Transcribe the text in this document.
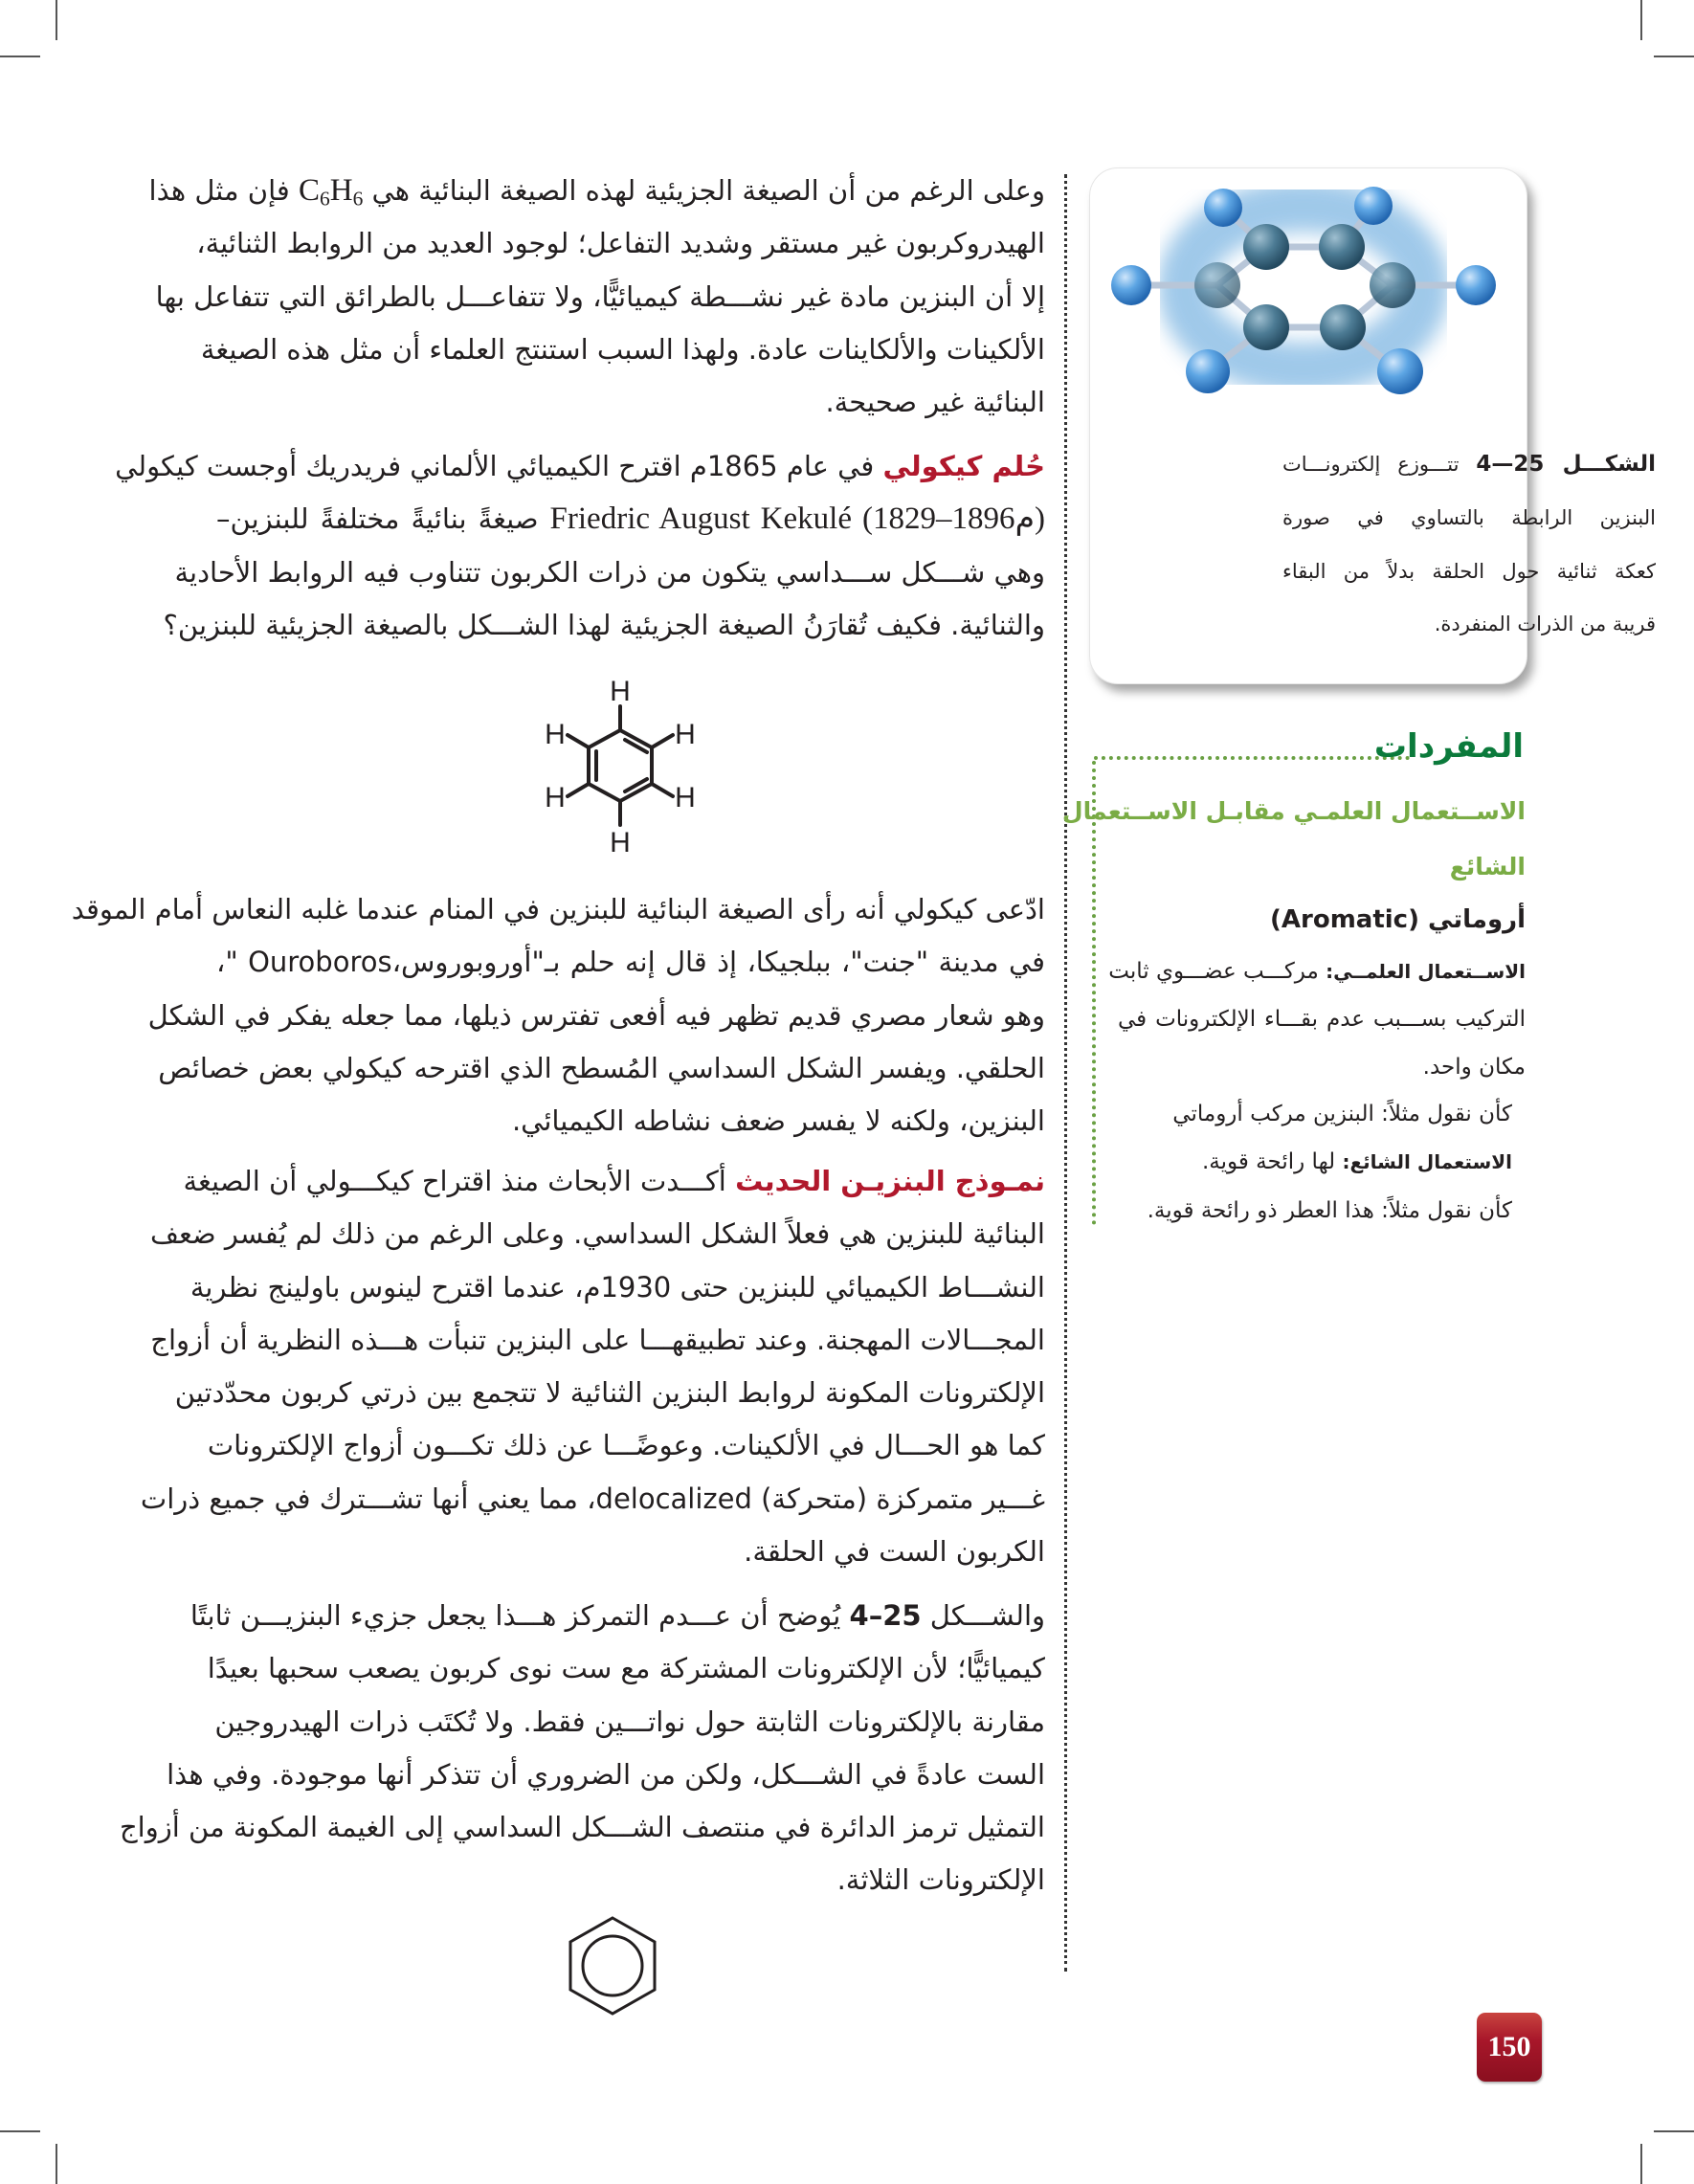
وعلى الرغم من أن الصيغة الجزيئية لهذه الصيغة البنائية هي $C_6H_6$ فإن مثل هذا
الهيدروكربون غير مستقر وشديد التفاعل؛ لوجود العديد من الروابط الثنائية،
إلا أن البنزين مادة غير نشـــطة كيميائيًّا، ولا تتفاعـــل بالطرائق التي تتفاعل بها
الألكينات والألكاينات عادة. ولهذا السبب استنتج العلماء أن مثل هذه الصيغة
البنائية غير صحيحة.
حُلم كيكولي في عام 1865م اقترح الكيميائي الألماني فريدريك أوجست كيكولي
Friedric August Kekulé (1829–1896م) صيغةً بنائيةً مختلفةً للبنزين–
وهي شـــكل ســـداسي يتكون من ذرات الكربون تتناوب فيه الروابط الأحادية
والثنائية. فكيف تُقارَنُ الصيغة الجزيئية لهذا الشـــكل بالصيغة الجزيئية للبنزين؟
H
H
H
H
H
H
ادّعى كيكولي أنه رأى الصيغة البنائية للبنزين في المنام عندما غلبه النعاس أمام الموقد
في مدينة "جنت"، ببلجيكا، إذ قال إنه حلم بـ"أوروبوروس،Ouroboros "،
وهو شعار مصري قديم تظهر فيه أفعى تفترس ذيلها، مما جعله يفكر في الشكل
الحلقي. ويفسر الشكل السداسي المُسطح الذي اقترحه كيكولي بعض خصائص
البنزين، ولكنه لا يفسر ضعف نشاطه الكيميائي.
نمـوذج البنزيـن الحديث أكـــدت الأبحاث منذ اقتراح كيكـــولي أن الصيغة
البنائية للبنزين هي فعلاً الشكل السداسي. وعلى الرغم من ذلك لم يُفسر ضعف
النشـــاط الكيميائي للبنزين حتى 1930م، عندما اقترح لينوس باولينج نظرية
المجـــالات المهجنة. وعند تطبيقهـــا على البنزين تنبأت هـــذه النظرية أن أزواج
الإلكترونات المكونة لروابط البنزين الثنائية لا تتجمع بين ذرتي كربون محدّدتين
كما هو الحـــال في الألكينات. وعوضًـــا عن ذلك تكـــون أزواج الإلكترونات
غـــير متمركزة (متحركة) delocalized، مما يعني أنها تشـــترك في جميع ذرات
الكربون الست في الحلقة.
والشـــكل 25–4 يُوضح أن عـــدم التمركز هـــذا يجعل جزيء البنزيـــن ثابتًا
كيميائيًّا؛ لأن الإلكترونات المشتركة مع ست نوى كربون يصعب سحبها بعيدًا
مقارنة بالإلكترونات الثابتة حول نواتـــين فقط. ولا تُكتَب ذرات الهيدروجين
الست عادةً في الشـــكل، ولكن من الضروري أن تتذكر أنها موجودة. وفي هذا
التمثيل ترمز الدائرة في منتصف الشـــكل السداسي إلى الغيمة المكونة من أزواج
الإلكترونات الثلاثة.
الشكـــل 25—4 تتـــوزع إلكترونـــات
البنزين الرابطة بالتساوي في صورة
كعكة ثنائية حول الحلقة بدلاً من البقاء
قريبة من الذرات المنفردة.
المفردات
الاســتعمال العلمـي مقابـل الاســتعمال
الشائع
أروماتي (Aromatic)
الاســتعمال العلمــي: مركـــب عضـــوي ثابت
التركيب بســـبب عدم بقـــاء الإلكترونات في
مكان واحد.
كأن نقول مثلاً: البنزين مركب أروماتي
الاستعمال الشائع: لها رائحة قوية.
كأن نقول مثلاً: هذا العطر ذو رائحة قوية.
150
